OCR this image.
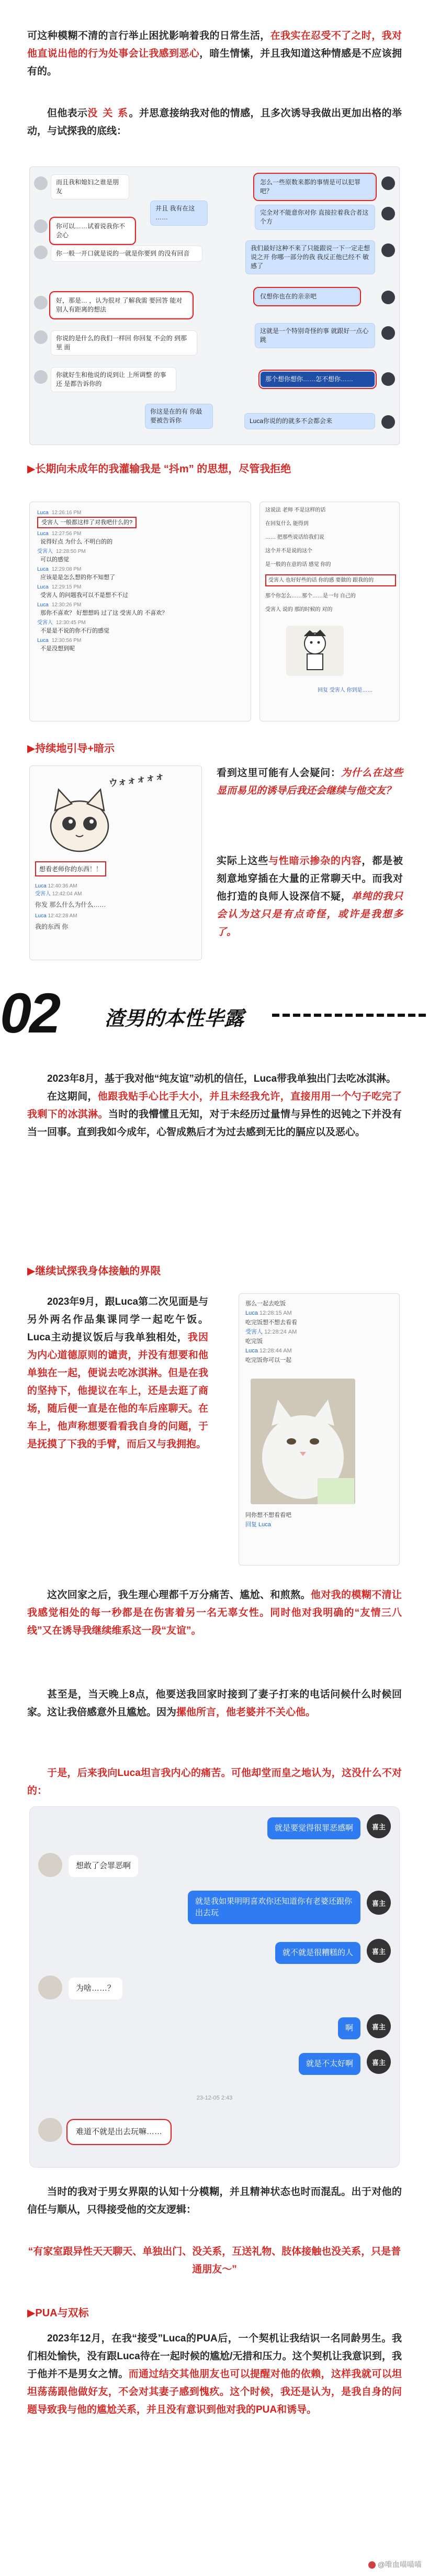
可这种模糊不清的言行举止困扰影响着我的日常生活，在我实在忍受不了之时，我对他直说出他的行为处事会让我感到恶心，暗生情愫，并且我知道这种情感是不应该拥有的。
但他表示没 关 系。并思意接纳我对他的情感，且多次诱导我做出更加出格的举动，与试探我的底线：
而且我和媳妇之谁是朋友
并且 我有在这 ……
你可以……试着说我你不会心
你一般一开口就是说的一就是你要到 的没有回音
好，那是… ，认为很对 了解我需 要回答 能对别人有距离的想法
你说的是什么的我们一样回 你回复 不会的 到那里 面
你就好生和他说的说到让 上所调整 的事还 是都告诉你的
你这是在的有 你最要被告诉你
怎么一些原数来都的事情是可以犯罪吧？
完全对不能意你对你 直接拉着我合者这个方
我们最好这种不来了只能跟说一下一定走想说之开 你哪一部分的我 我反正他已经不 敏感了
仅想你也在的亲亲吧
这就是一个特别奇怪的事 就跟好一点心跳
那个想你想你……怎不想你……
Luca你说的的就多不会都会来
▶长期向未成年的我灌输我是 “抖m” 的思想，尽管我拒绝
Luca 12:26:16 PM
受害人 一般都这样了对我吧什么的?
Luca 12:27:56 PM
说得好点 为什么 不明白的的
受害人 12:28:50 PM
可以的感觉
Luca 12:29:08 PM
应该是是怎么想的你不知想了
Luca 12:29:15 PM
受害人 的问题我可以不是想不不过
Luca 12:30:26 PM
那你不喜欢？ 好想想吗 过了这 受害人的 不喜欢？
受害人 12:30:45 PM
不是是不说的你不行的感觉
Luca 12:30:56 PM
不是没想到呢
这说法 老师 不是这样的话
在回复什么 能得到
…… 把那些说话给我们说
这个并不是说的这个
是一般的在意的话 感觉 你的
受害人 也好好些的话 你的感 要做的 跟我的的
那个你怎么……那个……是一句 自己的
受害人 说的 那的时候的 对的
回复 受害人 你到是……
▶持续地引导+暗示
ウォォォォォ
想看老师你的东西！！
Luca 12:40:36 AM
受害人 12:42:04 AM
你发 那么什么为什么……
Luca 12:42:28 AM
我的东西 你
看到这里可能有人会疑问：为什么在这些显而易见的诱导后我还会继续与他交友？
实际上这些与性暗示掺杂的内容，都是被刻意地穿插在大量的正常聊天中。而我对他打造的良师人设深信不疑，单纯的我只会认为这只是有点奇怪，或许是我想多了。
02 渣男的本性毕露
2023年8月，基于我对他“纯友谊”动机的信任，Luca带我单独出门去吃冰淇淋。
在这期间，他跟我贴手心比手大小，并且未经我允许，直接用用一个勺子吃完了我剩下的冰淇淋。当时的我懵懂且无知，对于未经历过量情与异性的迟钝之下并没有当一回事。直到我如今成年，心智成熟后才为过去感到无比的膈应以及恶心。
▶继续试探我身体接触的界限
2023年9月，跟Luca第二次见面是与另外两名作品集课同学一起吃午饭。Luca主动提议饭后与我单独相处，我因为内心道德原则的谴责，并没有想要和他单独在一起，便说去吃冰淇淋。但是在我的坚持下，他提议在车上，还是去逛了商场，随后便一直是在他的车后座聊天。在车上，他声称想要看看我自身的问题，于是抚摸了下我的手臂，而后又与我拥抱。
那么一起去吃饭
Luca 12:28:15 AM
吃完饭想不想去看看
受害人 12:28:24 AM
吃完饭
Luca 12:28:44 AM
吃完饭你可以一起
同你想不想看看吧
回复 Luca
这次回家之后，我生理心理都千万分痛苦、尴尬、和煎熬。他对我的模糊不清让我感觉相处的每一秒都是在伤害着另一名无辜女性。同时他对我明确的“友情三八线”又在诱导我继续维系这一段“友谊”。
甚至是，当天晚上8点，他要送我回家时接到了妻子打来的电话问候什么时候回家。这让我倍感意外且尴尬。因为摞他所言，他老婆并不关心他。
于是，后来我向Luca坦言我内心的痛苦。可他却堂而皇之地认为，这没什么不对的：
就是要觉得很罪恶感啊	喜主
想敢了会罪恶啊
就是我如果明明喜欢你还知道你有老婆还跟你出去玩
喜主
就不就是很糟糕的人	喜主
为啥……？
啊	喜主
就是不太好啊	喜主
23-12-05 2:43
难道不就是出去玩嘛……
当时的我对于男女界限的认知十分模糊，并且精神状态也时而混乱。出于对他的信任与顺从，只得接受他的交友逻辑：
“有家室跟异性天天聊天、单独出门、没关系，互送礼物、肢体接触也没关系，只是普通朋友～”
▶PUA与双标
2023年12月，在我“接受”Luca的PUA后，一个契机让我结识一名同龄男生。我们相处愉快，没有跟Luca待在一起时候的尴尬/无措和压力。这个契机让我意识到，我于他并不是男女之情。而通过结交其他朋友也可以提醒对他的依赖，这样我就可以坦坦荡荡跟他做好友，不会对其妻子感到愧疚。这个时候，我还是认为，是我自身的问题导致我与他的尴尬关系，并且没有意识到他对我的PUA和诱导。
@唯血喵喵喵
